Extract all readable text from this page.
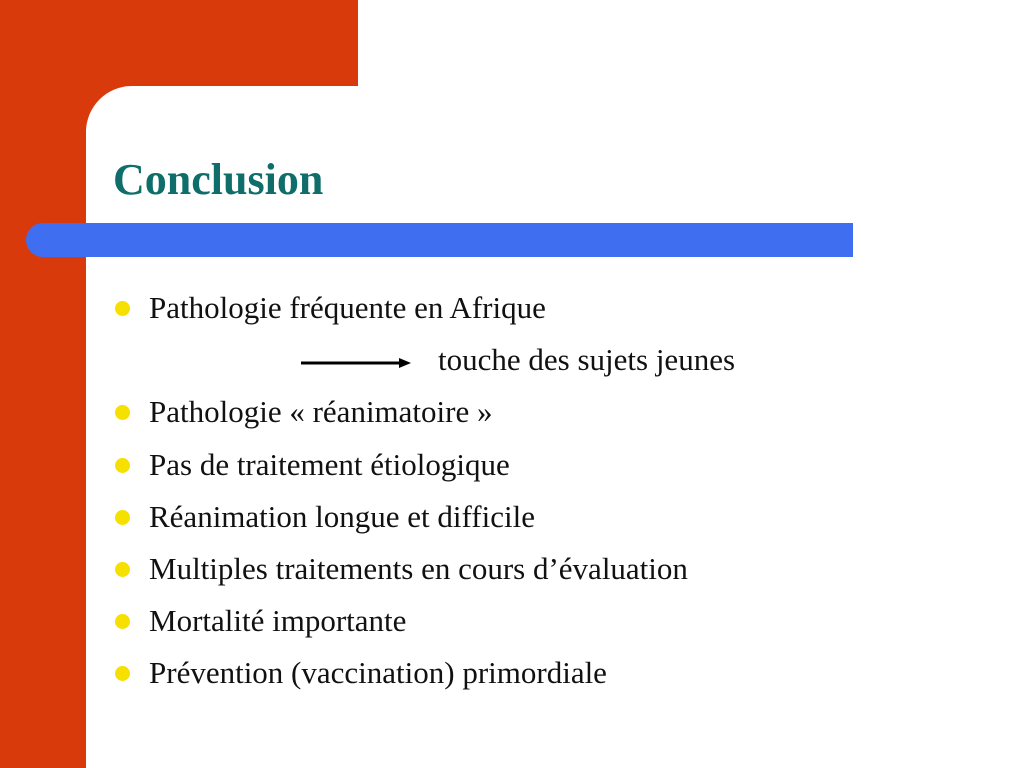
Conclusion
Pathologie fréquente en Afrique
touche des sujets jeunes
Pathologie « réanimatoire »
Pas de traitement étiologique
Réanimation longue et difficile
Multiples traitements en cours d’évaluation
Mortalité importante
Prévention (vaccination) primordiale
